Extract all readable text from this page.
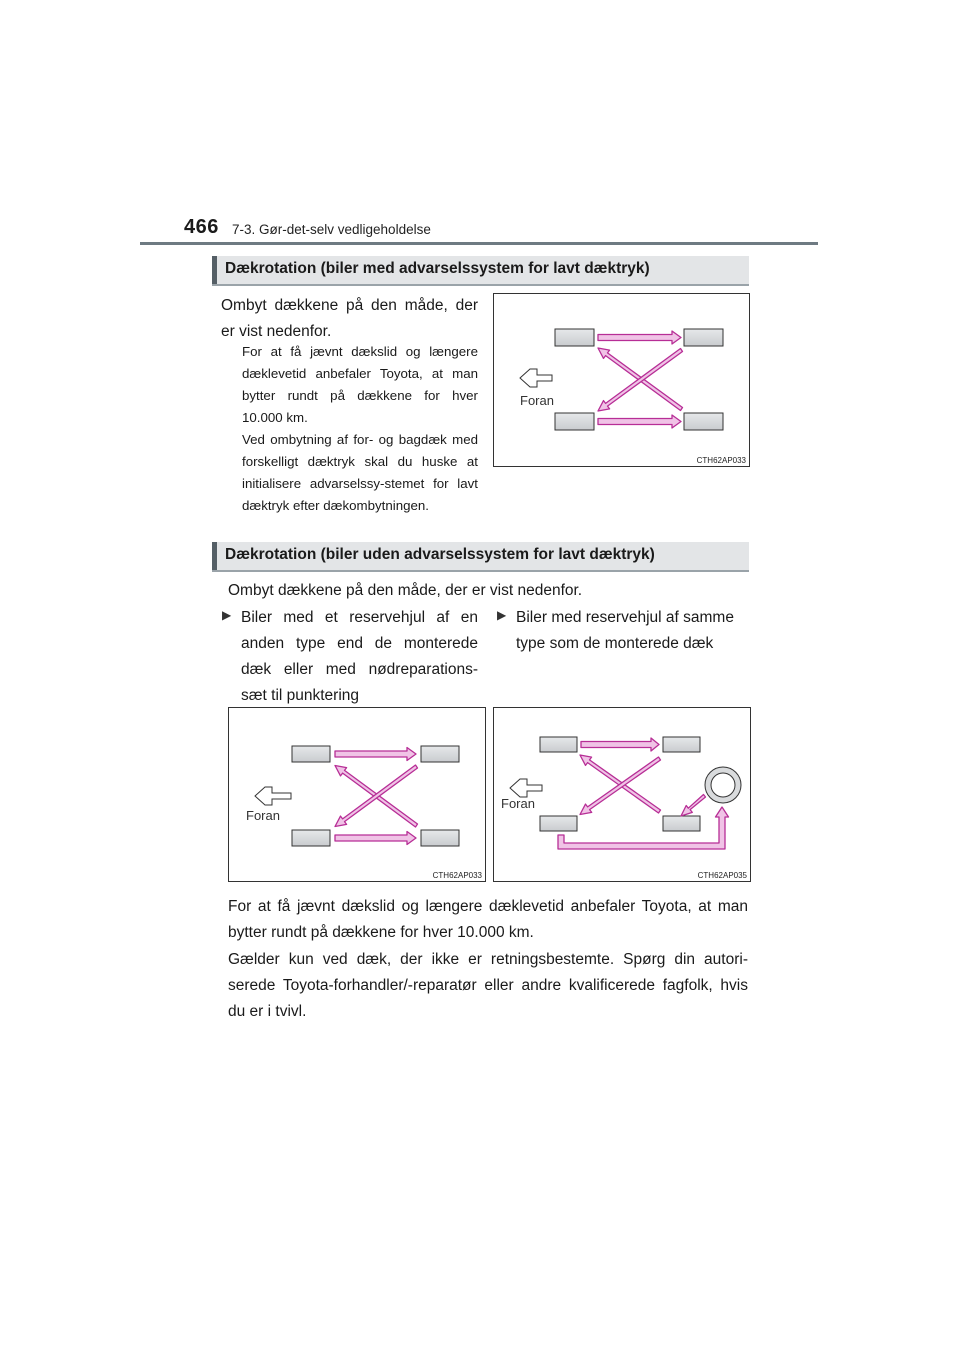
466 7-3. Gør-det-selv vedligeholdelse
Dækrotation (biler med advarselssystem for lavt dæktryk)

Ombyt dækkene på den måde, der er vist nedenfor.

For at få jævnt dækslid og længere dæklevetid anbefaler Toyota, at man bytter rundt på dækkene for hver 10.000 km.

Ved ombytning af for- og bagdæk med forskelligt dæktryk skal du huske at initialisere advarselssy-stemet for lavt dæktryk efter dækombytningen.

Foran
CTH62AP033
Dækrotation (biler uden advarselssystem for lavt dæktryk)

Ombyt dækkene på den måde, der er vist nedenfor.

▶ Biler med et reservehjul af en anden type end de monterede dæk eller med nødreparations-sæt til punktering

▶ Biler med reservehjul af samme type som de monterede dæk

Foran
CTH62AP033
Foran
CTH62AP035

For at få jævnt dækslid og længere dæklevetid anbefaler Toyota, at man bytter rundt på dækkene for hver 10.000 km.

Gælder kun ved dæk, der ikke er retningsbestemte. Spørg din autori-serede Toyota-forhandler/-reparatør eller andre kvalificerede fagfolk, hvis du er i tvivl.
